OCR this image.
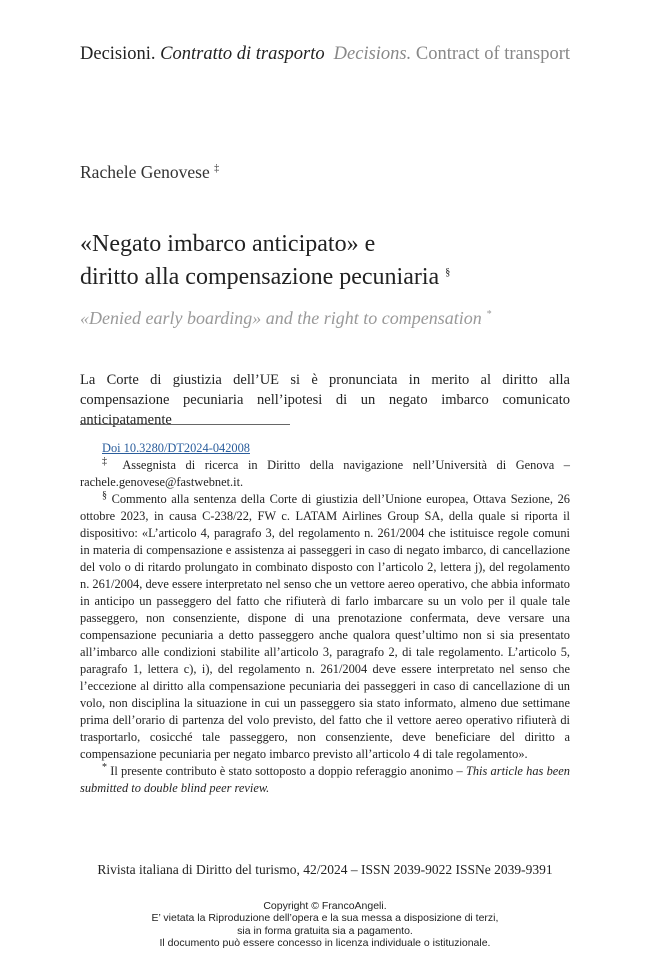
Decisioni. Contratto di trasporto Decisions. Contract of transport
Rachele Genovese ‡
«Negato imbarco anticipato» e
diritto alla compensazione pecuniaria §
«Denied early boarding» and the right to compensation *
La Corte di giustizia dell’UE si è pronunciata in merito al diritto alla compensazione pecuniaria nell’ipotesi di un negato imbarco comunicato anticipatamente
Doi 10.3280/DT2024-042008

‡ Assegnista di ricerca in Diritto della navigazione nell’Università di Genova – rachele.genovese@fastwebnet.it.

§ Commento alla sentenza della Corte di giustizia dell’Unione europea, Ottava Sezione, 26 ottobre 2023, in causa C-238/22, FW c. LATAM Airlines Group SA, della quale si riporta il dispositivo: «L’articolo 4, paragrafo 3, del regolamento n. 261/2004 che istituisce regole comuni in materia di compensazione e assistenza ai passeggeri in caso di negato imbarco, di cancellazione del volo o di ritardo prolungato in combinato disposto con l’articolo 2, lettera j), del regolamento n. 261/2004, deve essere interpretato nel senso che un vettore aereo operativo, che abbia informato in anticipo un passeggero del fatto che rifiuterà di farlo imbarcare su un volo per il quale tale passeggero, non consenziente, dispone di una prenotazione confermata, deve versare una compensazione pecuniaria a detto passeggero anche qualora quest’ultimo non si sia presentato all’imbarco alle condizioni stabilite all’articolo 3, paragrafo 2, di tale regolamento. L’articolo 5, paragrafo 1, lettera c), i), del regolamento n. 261/2004 deve essere interpretato nel senso che l’eccezione al diritto alla compensazione pecuniaria dei passeggeri in caso di cancellazione di un volo, non disciplina la situazione in cui un passeggero sia stato informato, almeno due settimane prima dell’orario di partenza del volo previsto, del fatto che il vettore aereo operativo rifiuterà di trasportarlo, cosicché tale passeggero, non consenziente, deve beneficiare del diritto a compensazione pecuniaria per negato imbarco previsto all’articolo 4 di tale regolamento».

* Il presente contributo è stato sottoposto a doppio referaggio anonimo – This article has been submitted to double blind peer review.

Rivista italiana di Diritto del turismo, 42/2024 – ISSN 2039-9022 ISSNe 2039-9391
Copyright © FrancoAngeli.
E’ vietata la Riproduzione dell’opera e la sua messa a disposizione di terzi,
sia in forma gratuita sia a pagamento.
Il documento può essere concesso in licenza individuale o istituzionale.
